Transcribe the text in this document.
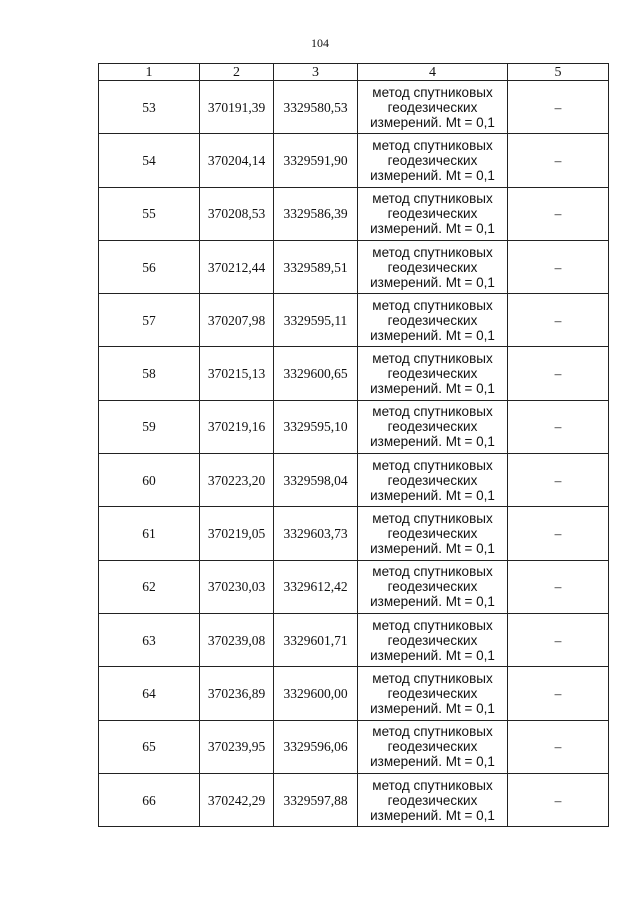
104
1	2	3	4	5
53	370191,39	3329580,53	метод спутниковых
геодезических
измерений. Mt = 0,1	–
54	370204,14	3329591,90	метод спутниковых
геодезических
измерений. Mt = 0,1	–
55	370208,53	3329586,39	метод спутниковых
геодезических
измерений. Mt = 0,1	–
56	370212,44	3329589,51	метод спутниковых
геодезических
измерений. Mt = 0,1	–
57	370207,98	3329595,11	метод спутниковых
геодезических
измерений. Mt = 0,1	–
58	370215,13	3329600,65	метод спутниковых
геодезических
измерений. Mt = 0,1	–
59	370219,16	3329595,10	метод спутниковых
геодезических
измерений. Mt = 0,1	–
60	370223,20	3329598,04	метод спутниковых
геодезических
измерений. Mt = 0,1	–
61	370219,05	3329603,73	метод спутниковых
геодезических
измерений. Mt = 0,1	–
62	370230,03	3329612,42	метод спутниковых
геодезических
измерений. Mt = 0,1	–
63	370239,08	3329601,71	метод спутниковых
геодезических
измерений. Mt = 0,1	–
64	370236,89	3329600,00	метод спутниковых
геодезических
измерений. Mt = 0,1	–
65	370239,95	3329596,06	метод спутниковых
геодезических
измерений. Mt = 0,1	–
66	370242,29	3329597,88	метод спутниковых
геодезических
измерений. Mt = 0,1	–
